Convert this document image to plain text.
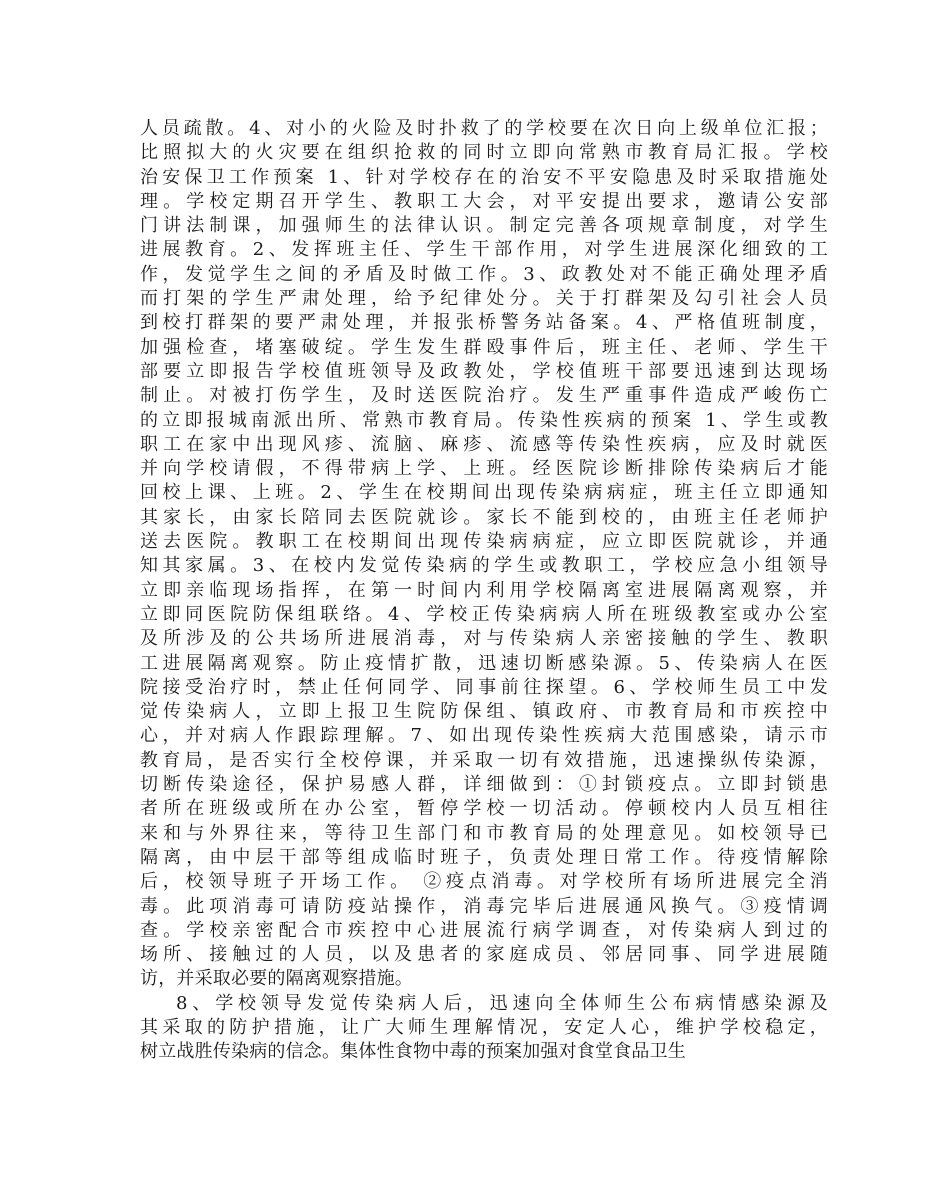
人员疏散。4、对小的火险及时扑救了的学校要在次日向上级单位汇报；
比照拟大的火灾要在组织抢救的同时立即向常熟市教育局汇报。学校
治安保卫工作预案 1、针对学校存在的治安不平安隐患及时采取措施处
理。学校定期召开学生、教职工大会，对平安提出要求，邀请公安部
门讲法制课，加强师生的法律认识。制定完善各项规章制度，对学生
进展教育。2、发挥班主任、学生干部作用，对学生进展深化细致的工
作，发觉学生之间的矛盾及时做工作。3、政教处对不能正确处理矛盾
而打架的学生严肃处理，给予纪律处分。关于打群架及勾引社会人员
到校打群架的要严肃处理，并报张桥警务站备案。4、严格值班制度，
加强检查，堵塞破绽。学生发生群殴事件后，班主任、老师、学生干
部要立即报告学校值班领导及政教处，学校值班干部要迅速到达现场
制止。对被打伤学生，及时送医院治疗。发生严重事件造成严峻伤亡
的立即报城南派出所、常熟市教育局。传染性疾病的预案 1、学生或教
职工在家中出现风疹、流脑、麻疹、流感等传染性疾病，应及时就医
并向学校请假，不得带病上学、上班。经医院诊断排除传染病后才能
回校上课、上班。2、学生在校期间出现传染病病症，班主任立即通知
其家长，由家长陪同去医院就诊。家长不能到校的，由班主任老师护
送去医院。教职工在校期间出现传染病病症，应立即医院就诊，并通
知其家属。3、在校内发觉传染病的学生或教职工，学校应急小组领导
立即亲临现场指挥，在第一时间内利用学校隔离室进展隔离观察，并
立即同医院防保组联络。4、学校正传染病病人所在班级教室或办公室
及所涉及的公共场所进展消毒，对与传染病人亲密接触的学生、教职
工进展隔离观察。防止疫情扩散，迅速切断感染源。5、传染病人在医
院接受治疗时，禁止任何同学、同事前往探望。6、学校师生员工中发
觉传染病人，立即上报卫生院防保组、镇政府、市教育局和市疾控中
心，并对病人作跟踪理解。7、如出现传染性疾病大范围感染，请示市
教育局，是否实行全校停课，并采取一切有效措施，迅速操纵传染源，
切断传染途径，保护易感人群，详细做到：①封锁疫点。立即封锁患
者所在班级或所在办公室，暂停学校一切活动。停顿校内人员互相往
来和与外界往来，等待卫生部门和市教育局的处理意见。如校领导已
隔离，由中层干部等组成临时班子，负责处理日常工作。待疫情解除
后，校领导班子开场工作。 ②疫点消毒。对学校所有场所进展完全消
毒。此项消毒可请防疫站操作，消毒完毕后进展通风换气。③疫情调
查。学校亲密配合市疾控中心进展流行病学调查，对传染病人到过的
场所、接触过的人员，以及患者的家庭成员、邻居同事、同学进展随
访，并采取必要的隔离观察措施。
8、学校领导发觉传染病人后，迅速向全体师生公布病情感染源及
其采取的防护措施，让广大师生理解情况，安定人心，维护学校稳定，
树立战胜传染病的信念。集体性食物中毒的预案加强对食堂食品卫生
